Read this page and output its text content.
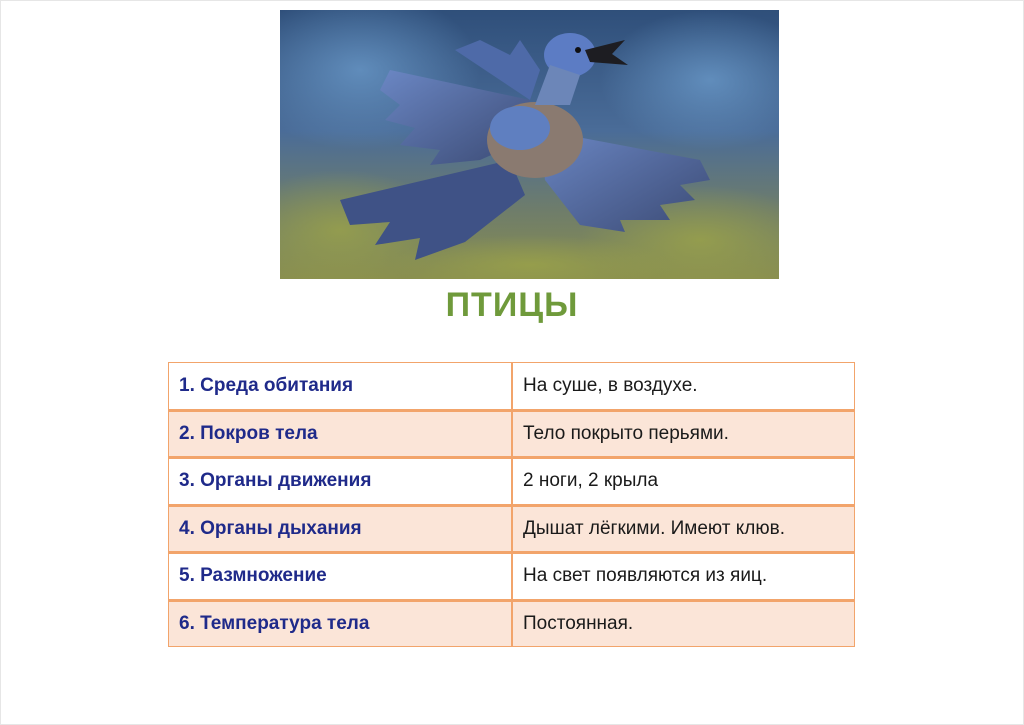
ПТИЦЫ
1. Среда обитания
2. Покров тела
3. Органы движения
4. Органы дыхания
5. Размножение
6. Температура тела
На суше, в воздухе.
Тело покрыто перьями.
2 ноги, 2 крыла
Дышат лёгкими. Имеют клюв.
На свет появляются из яиц.
Постоянная.
